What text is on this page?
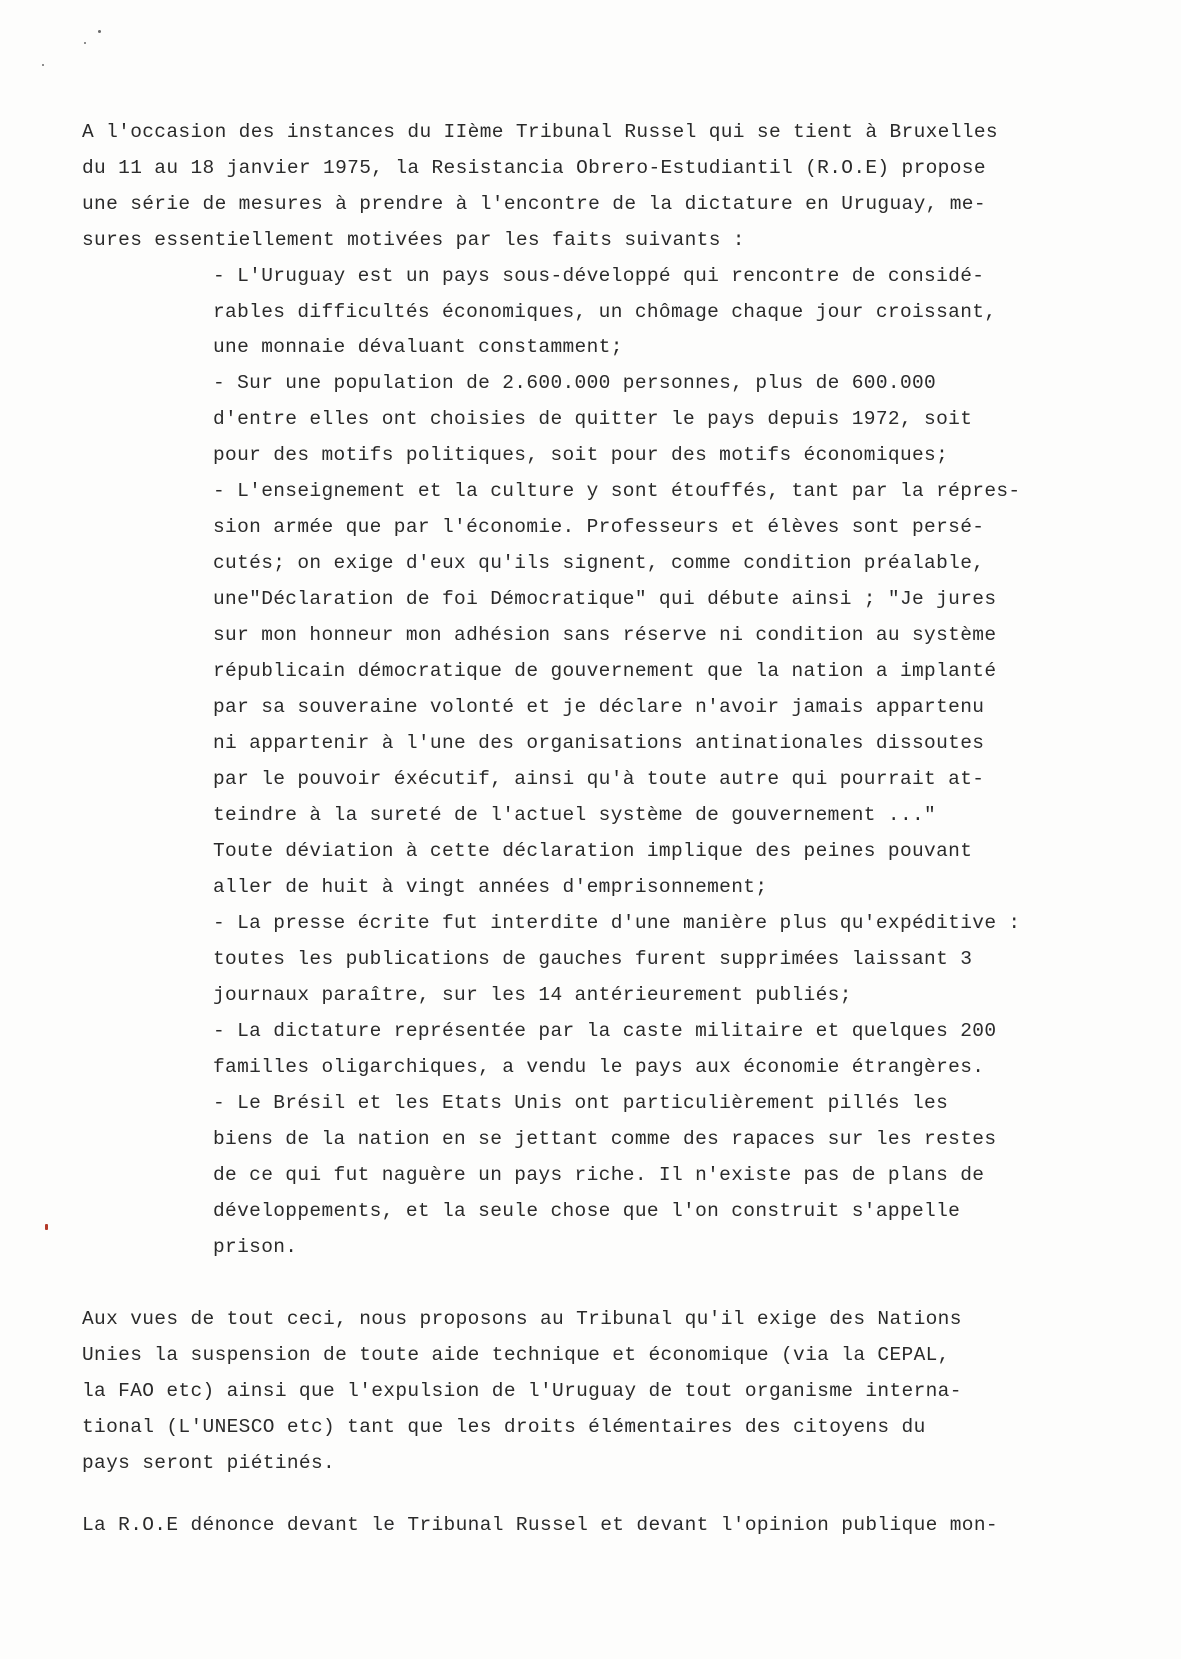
A l'occasion des instances du IIème Tribunal Russel qui se tient à Bruxelles
du 11 au 18 janvier 1975, la Resistancia Obrero-Estudiantil (R.O.E) propose
une série de mesures à prendre à l'encontre de la dictature en Uruguay, me-
sures essentiellement motivées par les faits suivants :
- L'Uruguay est un pays sous-développé qui rencontre de considé-
rables difficultés économiques, un chômage chaque jour croissant,
une monnaie dévaluant constamment;
- Sur une population de 2.600.000 personnes, plus de 600.000
d'entre elles ont choisies de quitter le pays depuis 1972, soit
pour des motifs politiques, soit pour des motifs économiques;
- L'enseignement et la culture y sont étouffés, tant par la répres-
sion armée que par l'économie. Professeurs et élèves sont persé-
cutés; on exige d'eux qu'ils signent, comme condition préalable,
une"Déclaration de foi Démocratique" qui débute ainsi ; "Je jures
sur mon honneur mon adhésion sans réserve ni condition au système
républicain démocratique de gouvernement que la nation a implanté
par sa souveraine volonté et je déclare n'avoir jamais appartenu
ni appartenir à l'une des organisations antinationales dissoutes
par le pouvoir éxécutif, ainsi qu'à toute autre qui pourrait at-
teindre à la sureté de l'actuel système de gouvernement ..."
Toute déviation à cette déclaration implique des peines pouvant
aller de huit à vingt années d'emprisonnement;
- La presse écrite fut interdite d'une manière plus qu'expéditive :
toutes les publications de gauches furent supprimées laissant 3
journaux paraître, sur les 14 antérieurement publiés;
- La dictature représentée par la caste militaire et quelques 200
familles oligarchiques, a vendu le pays aux économie étrangères.
- Le Brésil et les Etats Unis ont particulièrement pillés les
biens de la nation en se jettant comme des rapaces sur les restes
de ce qui fut naguère un pays riche. Il n'existe pas de plans de
développements, et la seule chose que l'on construit s'appelle
prison.
Aux vues de tout ceci, nous proposons au Tribunal qu'il exige des Nations
Unies la suspension de toute aide technique et économique (via la CEPAL,
la FAO etc) ainsi que l'expulsion de l'Uruguay de tout organisme interna-
tional (L'UNESCO etc) tant que les droits élémentaires des citoyens du
pays seront piétinés.
La R.O.E dénonce devant le Tribunal Russel et devant l'opinion publique mon-
